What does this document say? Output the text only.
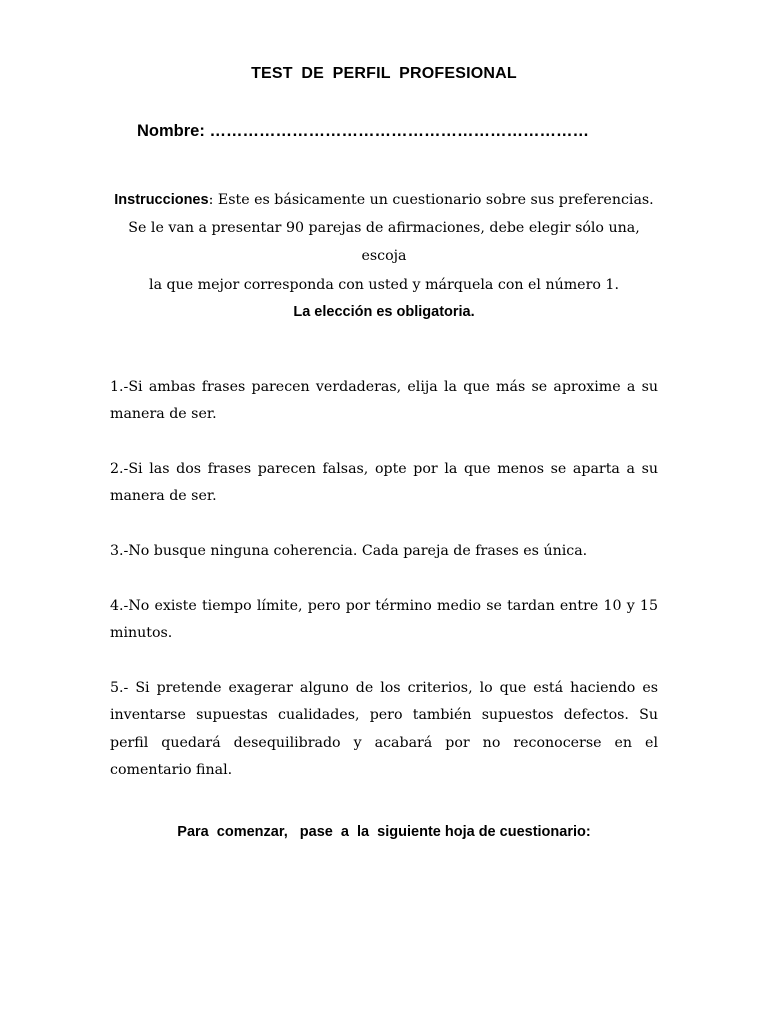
TEST DE PERFIL PROFESIONAL
Nombre: ……………………………………………………………
Instrucciones: Este es básicamente un cuestionario sobre sus preferencias.
Se le van a presentar 90 parejas de afirmaciones, debe elegir sólo una, escoja
la que mejor corresponda con usted y márquela con el número 1.
La elección es obligatoria.

1.-Si ambas frases parecen verdaderas, elija la que más se aproxime a su manera de ser.

2.-Si las dos frases parecen falsas, opte por la que menos se aparta a su manera de ser.

3.-No busque ninguna coherencia. Cada pareja de frases es única.

4.-No existe tiempo límite, pero por término medio se tardan entre 10 y 15 minutos.

5.- Si pretende exagerar alguno de los criterios, lo que está haciendo es inventarse supuestas cualidades, pero también supuestos defectos. Su perfil quedará desequilibrado y acabará por no reconocerse en el comentario final.

Para  comenzar,   pase  a  la  siguiente hoja de cuestionario:
